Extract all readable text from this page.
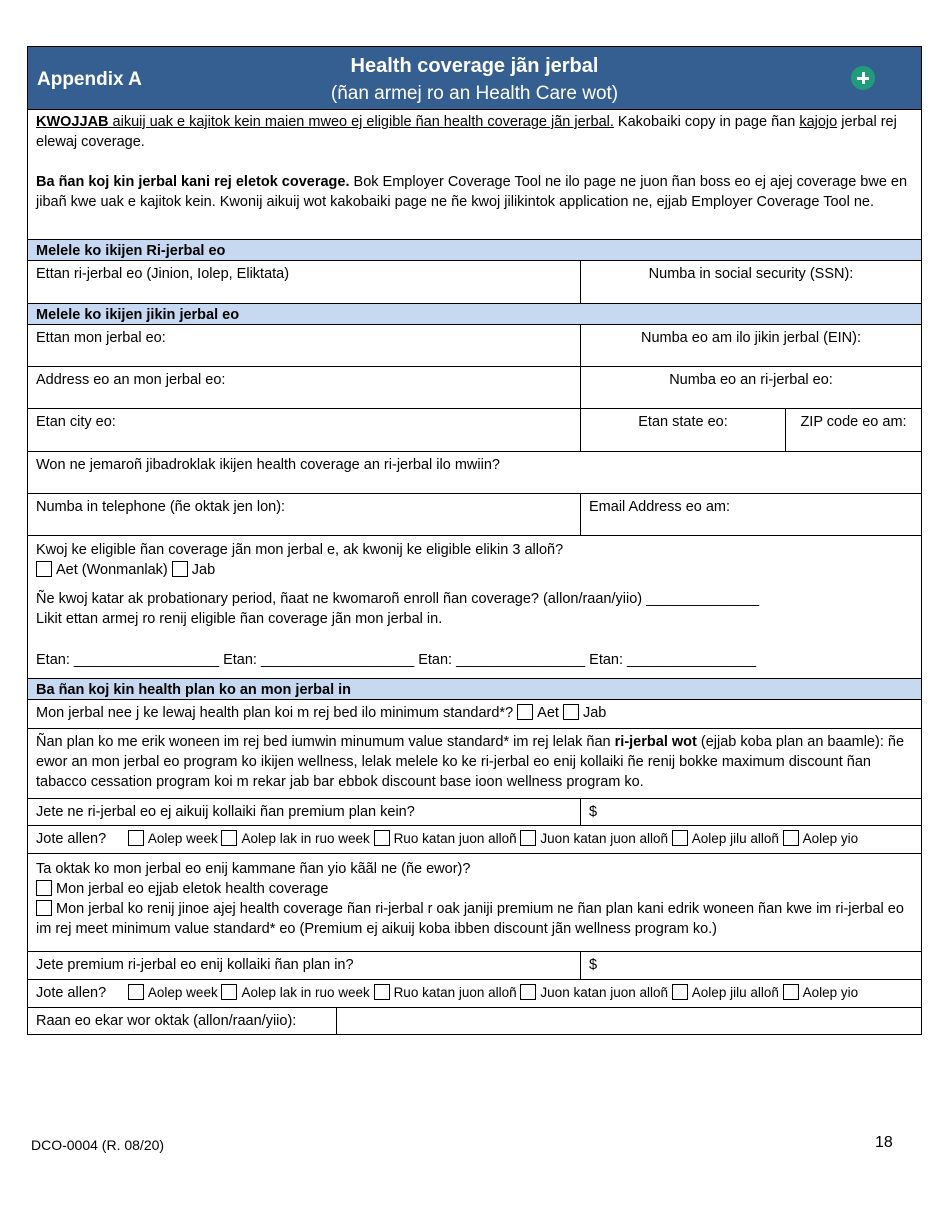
Appendix A
Health coverage jãn jerbal
(ñan armej ro an Health Care wot)

KWOJJAB aikuij uak e kajitok kein maien mweo ej eligible ñan health coverage jãn jerbal. Kakobaiki copy in page ñan kajojo jerbal rej elewaj coverage.

Ba ñan koj kin jerbal kani rej eletok coverage. Bok Employer Coverage Tool ne ilo page ne juon ñan boss eo ej ajej coverage bwe en jibañ kwe uak e kajitok kein. Kwonij aikuij wot kakobaiki page ne ñe kwoj jilikintok application ne, ejjab Employer Coverage Tool ne.

Melele ko ikijen Ri-jerbal eo
Ettan ri-jerbal eo (Jinion, Iolep, Eliktata)	Numba in social security (SSN):
Melele ko ikijen jikin jerbal eo
Ettan mon jerbal eo:	Numba eo am ilo jikin jerbal (EIN):
Address eo an mon jerbal eo:	Numba eo an ri-jerbal eo:
Etan city eo:	Etan state eo:	ZIP code eo am:
Won ne jemaroñ jibadroklak ikijen health coverage an ri-jerbal ilo mwiin?
Numba in telephone (ñe oktak jen lon):	Email Address eo am:

Kwoj ke eligible ñan coverage jãn mon jerbal e, ak kwonij ke eligible elikin 3 alloñ?

Aet (Wonmanlak) Jab

Ñe kwoj katar ak probationary period, ñaat ne kwomaroñ enroll ñan coverage? (allon/raan/yiio) ______________

Likit ettan armej ro renij eligible ñan coverage jãn mon jerbal in.

Etan: __________________ Etan: ___________________ Etan: ________________ Etan: ________________

Ba ñan koj kin health plan ko an mon jerbal in
Mon jerbal nee j ke lewaj health plan koi m rej bed ilo minimum standard*? Aet Jab
Ñan plan ko me erik woneen im rej bed iumwin minumum value standard* im rej lelak ñan ri-jerbal wot (ejjab koba plan an baamle): ñe ewor an mon jerbal eo program ko ikijen wellness, lelak melele ko ke ri-jerbal eo enij kollaiki ñe renij bokke maximum discount ñan tabacco cessation program koi m rekar jab bar ebbok discount base ioon wellness program ko.
Jete ne ri-jerbal eo ej aikuij kollaiki ñan premium plan kein?	$
Jote allen?	Aolep week Aolep lak in ruo week Ruo katan juon alloñ Juon katan juon alloñ Aolep jilu alloñ Aolep yio

Ta oktak ko mon jerbal eo enij kammane ñan yio kããl ne (ñe ewor)?

Mon jerbal eo ejjab eletok health coverage

Mon jerbal ko renij jinoe ajej health coverage ñan ri-jerbal r oak janiji premium ne ñan plan kani edrik woneen ñan kwe im ri-jerbal eo im rej meet minimum value standard* eo (Premium ej aikuij koba ibben discount jãn wellness program ko.)

Jete premium ri-jerbal eo enij kollaiki ñan plan in?	$
Jote allen?	Aolep week Aolep lak in ruo week Ruo katan juon alloñ Juon katan juon alloñ Aolep jilu alloñ Aolep yio
Raan eo ekar wor oktak (allon/raan/yiio):
DCO-0004 (R. 08/20)	18
